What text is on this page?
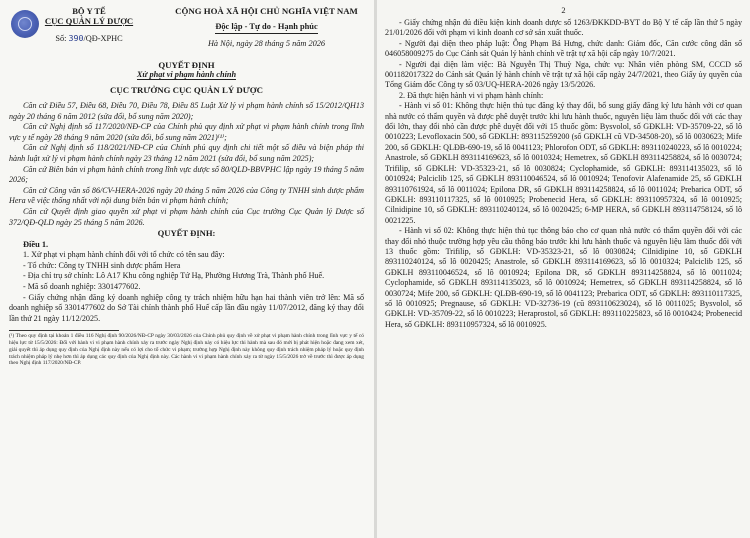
BỘ Y TẾ

CỤC QUẢN LÝ DƯỢC

Số: 390/QĐ-XPHC
CỘNG HOÀ XÃ HỘI CHỦ NGHĨA VIỆT NAM
Độc lập - Tự do - Hạnh phúc
Hà Nội, ngày 28 tháng 5 năm 2026

QUYẾT ĐỊNH

Xử phạt vi phạm hành chính

CỤC TRƯỞNG CỤC QUẢN LÝ DƯỢC

Căn cứ Điều 57, Điều 68, Điều 70, Điều 78, Điều 85 Luật Xử lý vi phạm hành chính số 15/2012/QH13 ngày 20 tháng 6 năm 2012 (sửa đổi, bổ sung năm 2020);

Căn cứ Nghị định số 117/2020/NĐ-CP của Chính phủ quy định xử phạt vi phạm hành chính trong lĩnh vực y tế ngày 28 tháng 9 năm 2020 (sửa đổi, bổ sung năm 2021)⁽¹⁾;

Căn cứ Nghị định số 118/2021/NĐ-CP của Chính phủ quy định chi tiết một số điều và biện pháp thi hành luật xử lý vi phạm hành chính ngày 23 tháng 12 năm 2021 (sửa đổi, bổ sung năm 2025);

Căn cứ Biên bản vi phạm hành chính trong lĩnh vực dược số 80/QLD-BBVPHC lập ngày 19 tháng 5 năm 2026;

Căn cứ Công văn số 86/CV-HERA-2026 ngày 20 tháng 5 năm 2026 của Công ty TNHH sinh dược phẩm Hera về việc thống nhất với nội dung biên bản vi phạm hành chính;

Căn cứ Quyết định giao quyền xử phạt vi phạm hành chính của Cục trưởng Cục Quản lý Dược số 372/QĐ-QLD ngày 25 tháng 5 năm 2026.

QUYẾT ĐỊNH:

Điều 1.

1. Xử phạt vi phạm hành chính đối với tổ chức có tên sau đây:

- Tổ chức: Công ty TNHH sinh dược phẩm Hera

- Địa chỉ trụ sở chính: Lô A17 Khu công nghiệp Tứ Hạ, Phường Hương Trà, Thành phố Huế.

- Mã số doanh nghiệp: 3301477602.

- Giấy chứng nhận đăng ký doanh nghiệp công ty trách nhiệm hữu hạn hai thành viên trở lên: Mã số doanh nghiệp số 3301477602 do Sở Tài chính thành phố Huế cấp lần đầu ngày 11/07/2012, đăng ký thay đổi lần thứ 21 ngày 11/12/2025.

(¹) Theo quy định tại khoản 1 điều 116 Nghị định 90/2026/NĐ-CP ngày 30/03/2026 của Chính phủ quy định về xử phạt vi phạm hành chính trong lĩnh vực y tế có hiệu lực từ 15/5/2026: Đối với hành vi vi phạm hành chính xảy ra trước ngày Nghị định này có hiệu lực thi hành mà sau đó mới bị phát hiện hoặc đang xem xét, giải quyết thì áp dụng quy định của Nghị định này nếu có lợi cho tổ chức vi phạm; trường hợp Nghị định này không quy định trách nhiệm pháp lý hoặc quy định trách nhiệm pháp lý nhẹ hơn thì áp dụng các quy định của Nghị định này. Các hành vi vi phạm hành chính xảy ra từ ngày 15/5/2026 trở về trước thì được áp dụng theo Nghị định 117/2020/NĐ-CP.

2

- Giấy chứng nhận đủ điều kiện kinh doanh dược số 1263/ĐKKDD-BYT do Bộ Y tế cấp lần thứ 5 ngày 21/01/2026 đối với phạm vi kinh doanh cơ sở sản xuất thuốc.

- Người đại diện theo pháp luật: Ông Phạm Bá Hưng, chức danh: Giám đốc, Căn cước công dân số 046058009275 do Cục Cảnh sát Quản lý hành chính về trật tự xã hội cấp ngày 10/7/2021.

- Người đại diện làm việc: Bà Nguyễn Thị Thuỳ Nga, chức vụ: Nhân viên phòng SM, CCCD số 001182017322 do Cảnh sát Quản lý hành chính về trật tự xã hội cấp ngày 24/7/2021, theo Giấy ủy quyền của Tổng Giám đốc Công ty số 03/UQ-HERA-2026 ngày 13/5/2026.

2. Đã thực hiện hành vi vi phạm hành chính:

- Hành vi số 01: Không thực hiện thủ tục đăng ký thay đổi, bổ sung giấy đăng ký lưu hành với cơ quan nhà nước có thẩm quyền và được phê duyệt trước khi lưu hành thuốc, nguyên liệu làm thuốc đối với các thay đổi lớn, thay đổi nhỏ cần được phê duyệt đối với 15 thuốc gồm: Bysvolol, số GĐKLH: VD-35709-22, số lô 0010223; Levofloxacin 500, số GĐKLH: 893115259200 (số GĐKLH cũ VD-34508-20), số lô 0030623; Mife 200, số GĐKLH: QLĐB-690-19, số lô 0041123; Phlorofon ODT, số GĐKLH: 893110240223, số lô 0010224; Anastrole, số GĐKLH 893114169623, số lô 0010324; Hemetrex, số GĐKLH 893114258824, số lô 0030724; Trifilip, số GĐKLH: VD-35323-21, số lô 0030824; Cyclophamide, số GĐKLH: 893114135023, số lô 0010924; Palciclib 125, số GĐKLH 893110046524, số lô 0010924; Tenofovir Alafenamide 25, số GĐKLH 893110761924, số lô 0011024; Epilona DR, số GĐKLH 893114258824, số lô 0011024; Prebarica ODT, số GĐKLH: 893110117325, số lô 0010925; Probenecid Hera, số GĐKLH: 893110957324, số lô 0010925; Cilnidipine 10, số GĐKLH: 893110240124, số lô 0020425; 6-MP HERA, số GĐKLH 893114758124, số lô 0021225.

- Hành vi số 02: Không thực hiện thủ tục thông báo cho cơ quan nhà nước có thẩm quyền đối với các thay đổi nhỏ thuộc trường hợp yêu cầu thông báo trước khi lưu hành thuốc và nguyên liệu làm thuốc đối với 13 thuốc gồm: Trifilip, số GĐKLH: VD-35323-21, số lô 0030824; Cilnidipine 10, số GĐKLH 893110240124, số lô 0020425; Anastrole, số GĐKLH 893114169623, số lô 0010324; Palciclib 125, số GĐKLH 893110046524, số lô 0010924; Epilona DR, số GĐKLH 893114258824, số lô 0011024; Cyclophamide, số GĐKLH 893114135023, số lô 0010924; Hemetrex, số GĐKLH 893114258824, số lô 0030724; Mife 200, số GĐKLH: QLĐB-690-19, số lô 0041123; Prebarica ODT, số GĐKLH: 893110117325, số lô 0010925; Pregnause, số GĐKLH: VD-32736-19 (cũ 893110623024), số lô 0011025; Bysvolol, số GĐKLH: VD-35709-22, số lô 0010223; Heraprostol, số GĐKLH: 893110225823, số lô 0010424; Probenecid Hera, số GĐKLH: 893110957324, số lô 0010925.
